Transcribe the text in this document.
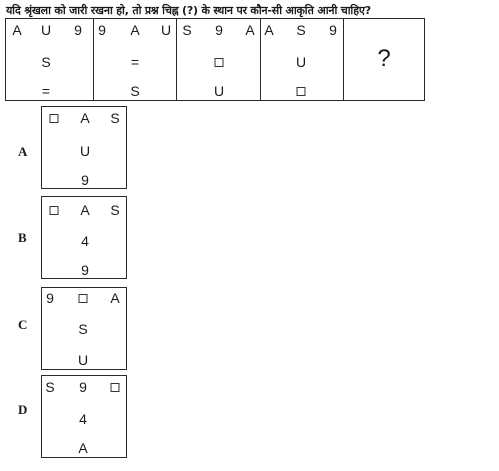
यदि श्रृंखला को जारी रखना हो, तो प्रश्न चिह्न (?) के स्थान पर कौन-सी आकृति आनी चाहिए?
A U 9
S
=
9 A U
=
S
S 9 A
U
A S 9
U	?
A
A S
U
9
B
A S
4
9
C
9	A
S
U
D
S 9
4
A
